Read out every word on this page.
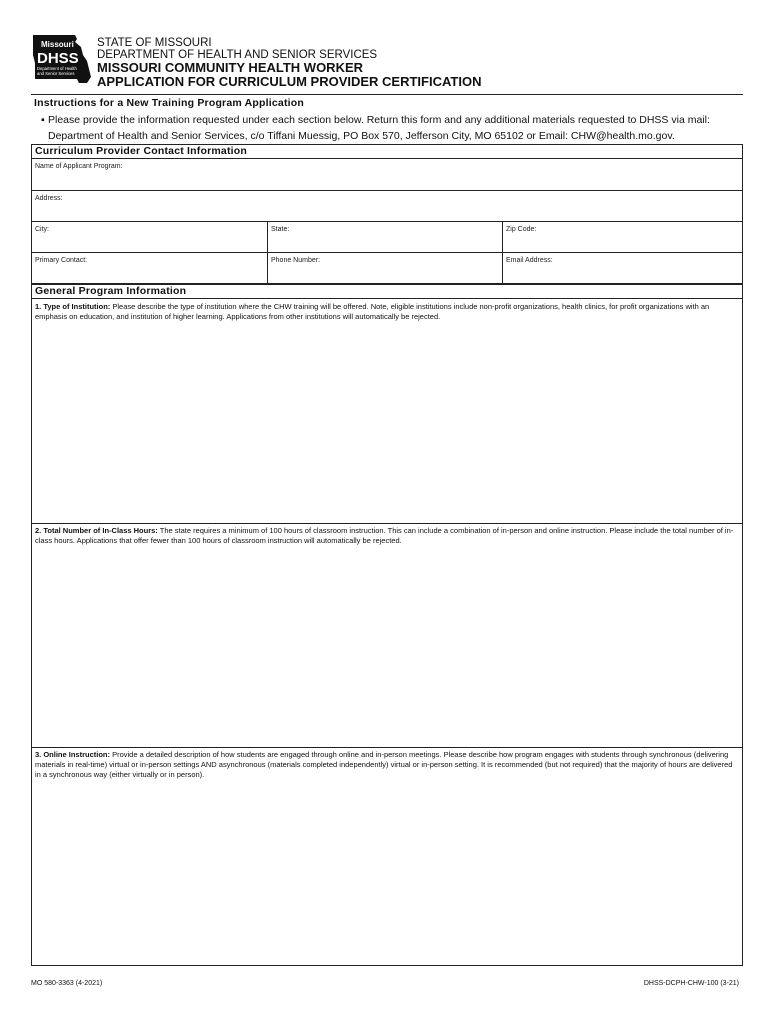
Missouri
DHSS
Department of Health
and Senior Services
STATE OF MISSOURI
DEPARTMENT OF HEALTH AND SENIOR SERVICES
MISSOURI COMMUNITY HEALTH WORKER
APPLICATION FOR CURRICULUM PROVIDER CERTIFICATION
Instructions for a New Training Program Application
▪ Please provide the information requested under each section below. Return this form and any additional materials requested to DHSS via mail: Department of Health and Senior Services, c/o Tiffani Muessig, PO Box 570, Jefferson City, MO 65102 or Email: CHW@health.mo.gov.
Curriculum Provider Contact Information
Name of Applicant Program:
Address:
City:	State:	Zip Code:
Primary Contact:	Phone Number:	Email Address:
General Program Information
1. Type of Institution: Please describe the type of institution where the CHW training will be offered. Note, eligible institutions include non-profit organizations, health clinics, for profit organizations with an emphasis on education, and institution of higher learning. Applications from other institutions will automatically be rejected.
2. Total Number of In-Class Hours: The state requires a minimum of 100 hours of classroom instruction. This can include a combination of in-person and online instruction. Please include the total number of in-class hours. Applications that offer fewer than 100 hours of classroom instruction will automatically be rejected.
3. Online Instruction: Provide a detailed description of how students are engaged through online and in-person meetings. Please describe how program engages with students through synchronous (delivering materials in real-time) virtual or in-person settings AND asynchronous (materials completed independently) virtual or in-person setting. It is recommended (but not required) that the majority of hours are delivered in a synchronous way (either virtually or in person).
MO 580-3363 (4-2021)	DHSS-DCPH-CHW-100 (3-21)
